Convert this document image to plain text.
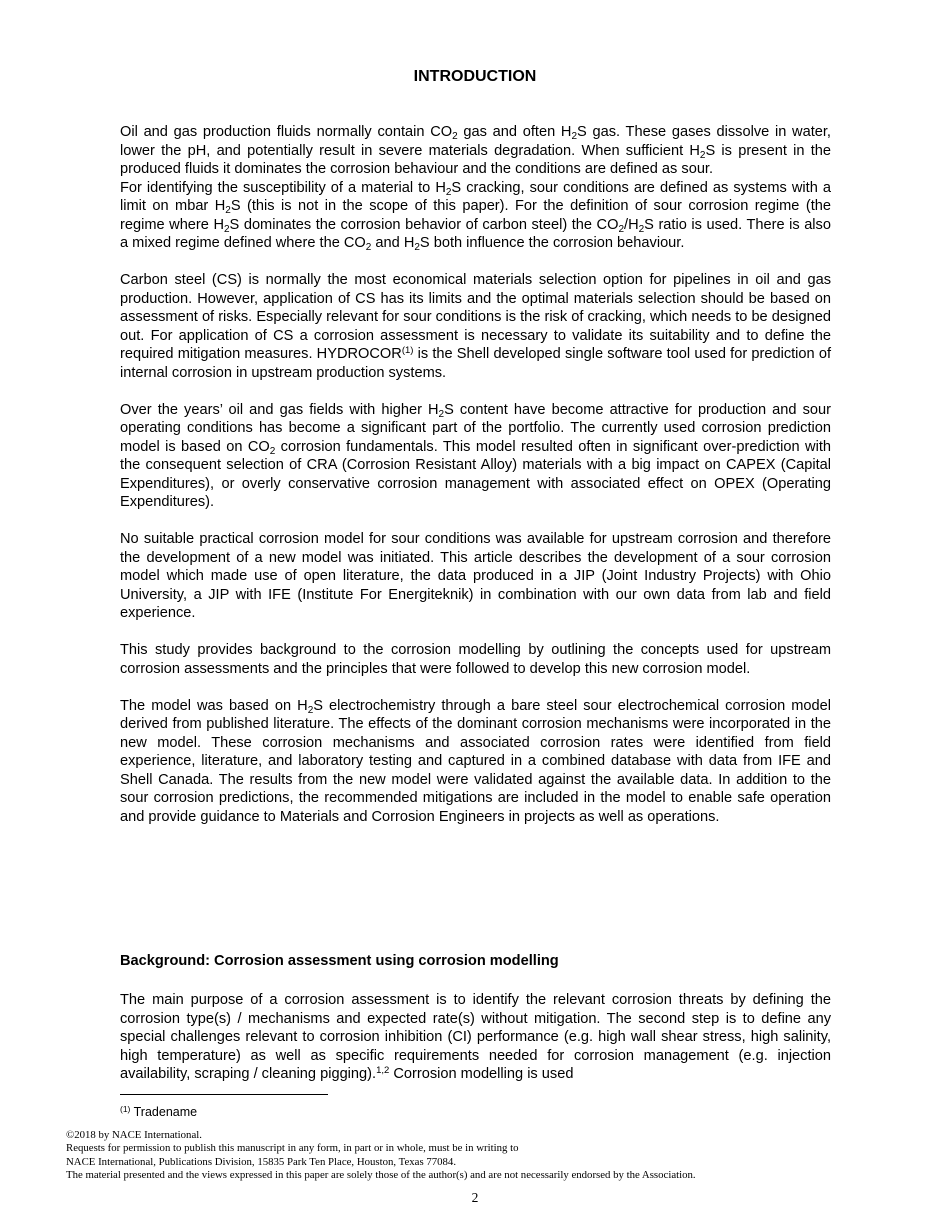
INTRODUCTION

Oil and gas production fluids normally contain $CO_2$ gas and often $H_2S$ gas. These gases dissolve in water, lower the pH, and potentially result in severe materials degradation. When sufficient $H_2S$ is present in the produced fluids it dominates the corrosion behaviour and the conditions are defined as sour.

For identifying the susceptibility of a material to $H_2S$ cracking, sour conditions are defined as systems with a limit on mbar $H_2S$ (this is not in the scope of this paper). For the definition of sour corrosion regime (the regime where $H_2S$ dominates the corrosion behavior of carbon steel) the $CO_2/H_2S$ ratio is used. There is also a mixed regime defined where the $CO_2$ and $H_2S$ both influence the corrosion behaviour.

Carbon steel (CS) is normally the most economical materials selection option for pipelines in oil and gas production. However, application of CS has its limits and the optimal materials selection should be based on assessment of risks. Especially relevant for sour conditions is the risk of cracking, which needs to be designed out. For application of CS a corrosion assessment is necessary to validate its suitability and to define the required mitigation measures. HYDROCOR$^{(1)}$ is the Shell developed single software tool used for prediction of internal corrosion in upstream production systems.

Over the years’ oil and gas fields with higher $H_2S$ content have become attractive for production and sour operating conditions has become a significant part of the portfolio. The currently used corrosion prediction model is based on $CO_2$ corrosion fundamentals. This model resulted often in significant over-prediction with the consequent selection of CRA (Corrosion Resistant Alloy) materials with a big impact on CAPEX (Capital Expenditures), or overly conservative corrosion management with associated effect on OPEX (Operating Expenditures).

No suitable practical corrosion model for sour conditions was available for upstream corrosion and therefore the development of a new model was initiated. This article describes the development of a sour corrosion model which made use of open literature, the data produced in a JIP (Joint Industry Projects) with Ohio University, a JIP with IFE (Institute For Energiteknik) in combination with our own data from lab and field experience.

This study provides background to the corrosion modelling by outlining the concepts used for upstream corrosion assessments and the principles that were followed to develop this new corrosion model.

The model was based on $H_2S$ electrochemistry through a bare steel sour electrochemical corrosion model derived from published literature. The effects of the dominant corrosion mechanisms were incorporated in the new model. These corrosion mechanisms and associated corrosion rates were identified from field experience, literature, and laboratory testing and captured in a combined database with data from IFE and Shell Canada. The results from the new model were validated against the available data. In addition to the sour corrosion predictions, the recommended mitigations are included in the model to enable safe operation and provide guidance to Materials and Corrosion Engineers in projects as well as operations.

Background: Corrosion assessment using corrosion modelling

The main purpose of a corrosion assessment is to identify the relevant corrosion threats by defining the corrosion type(s) / mechanisms and expected rate(s) without mitigation. The second step is to define any special challenges relevant to corrosion inhibition (CI) performance (e.g. high wall shear stress, high salinity, high temperature) as well as specific requirements needed for corrosion management (e.g. injection availability, scraping / cleaning pigging).$^{1,2}$ Corrosion modelling is used

$^{(1)}$ Tradename
©2018 by NACE International.
Requests for permission to publish this manuscript in any form, in part or in whole, must be in writing to
NACE International, Publications Division, 15835 Park Ten Place, Houston, Texas 77084.
The material presented and the views expressed in this paper are solely those of the author(s) and are not necessarily endorsed by the Association.
2
